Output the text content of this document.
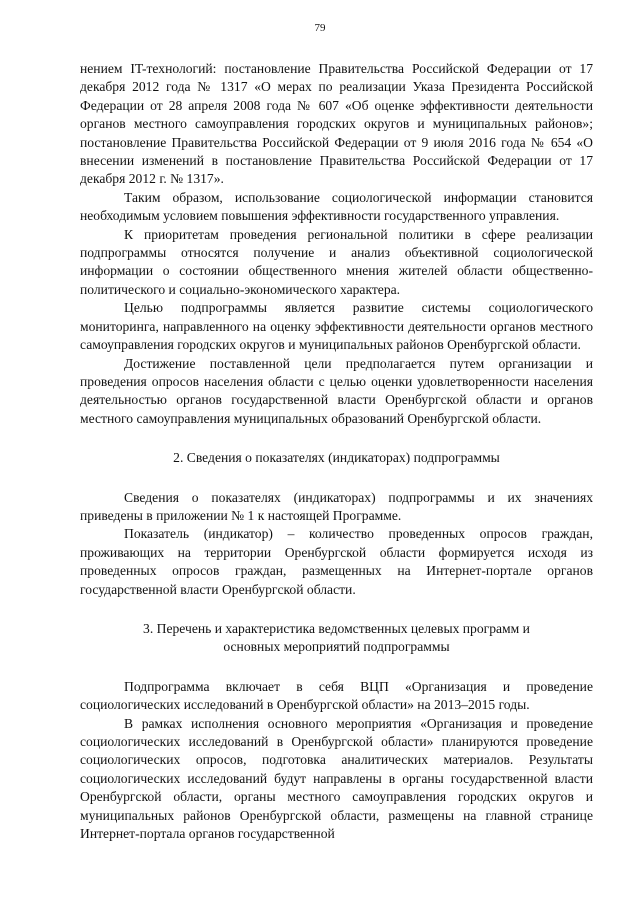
79

нением IT-технологий: постановление Правительства Российской Федерации от 17 декабря 2012 года № 1317 «О мерах по реализации Указа Президента Российской Федерации от 28 апреля 2008 года № 607 «Об оценке эффективности деятельности органов местного самоуправления городских округов и муниципальных районов»; постановление Правительства Российской Федерации от 9 июля 2016 года № 654 «О внесении изменений в постановление Правительства Российской Федерации от 17 декабря 2012 г. № 1317».

Таким образом, использование социологической информации становится необходимым условием повышения эффективности государственного управления.

К приоритетам проведения региональной политики в сфере реализации подпрограммы относятся получение и анализ объективной социологической информации о состоянии общественного мнения жителей области общественно-политического и социально-экономического характера.

Целью подпрограммы является развитие системы социологического мониторинга, направленного на оценку эффективности деятельности органов местного самоуправления городских округов и муниципальных районов Оренбургской области.

Достижение поставленной цели предполагается путем организации и проведения опросов населения области с целью оценки удовлетворенности населения деятельностью органов государственной власти Оренбургской области и органов местного самоуправления муниципальных образований Оренбургской области.

2. Сведения о показателях (индикаторах) подпрограммы

Сведения о показателях (индикаторах) подпрограммы и их значениях приведены в приложении № 1 к настоящей Программе.

Показатель (индикатор) – количество проведенных опросов граждан, проживающих на территории Оренбургской области формируется исходя из проведенных опросов граждан, размещенных на Интернет-портале органов государственной власти Оренбургской области.

3. Перечень и характеристика ведомственных целевых программ и

основных мероприятий подпрограммы

Подпрограмма включает в себя ВЦП «Организация и проведение социологических исследований в Оренбургской области» на 2013–2015 годы.

В рамках исполнения основного мероприятия «Организация и проведение социологических исследований в Оренбургской области» планируются проведение социологических опросов, подготовка аналитических материалов. Результаты социологических исследований будут направлены в органы государственной власти Оренбургской области, органы местного самоуправления городских округов и муниципальных районов Оренбургской области, размещены на главной странице Интернет-портала органов государственной
